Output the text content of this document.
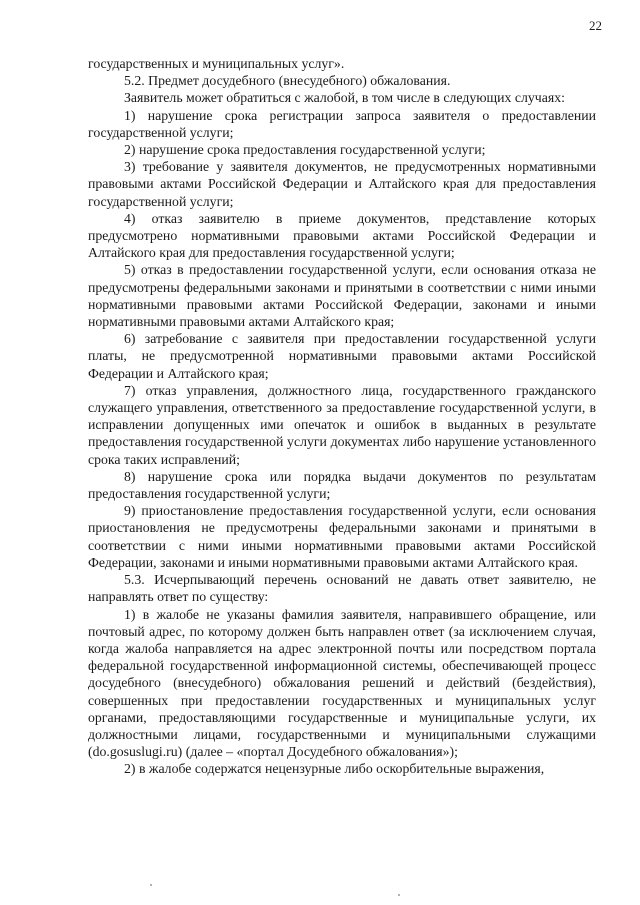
22

государственных и муниципальных услуг».

5.2. Предмет досудебного (внесудебного) обжалования.

Заявитель может обратиться с жалобой, в том числе в следующих случаях:

1) нарушение срока регистрации запроса заявителя о предоставлении государственной услуги;

2) нарушение срока предоставления государственной услуги;

3) требование у заявителя документов, не предусмотренных нормативными правовыми актами Российской Федерации и Алтайского края для предоставления государственной услуги;

4) отказ заявителю в приеме документов, представление которых предусмотрено нормативными правовыми актами Российской Федерации и Алтайского края для предоставления государственной услуги;

5) отказ в предоставлении государственной услуги, если основания отказа не предусмотрены федеральными законами и принятыми в соответствии с ними иными нормативными правовыми актами Российской Федерации, законами и иными нормативными правовыми актами Алтайского края;

6) затребование с заявителя при предоставлении государственной услуги платы, не предусмотренной нормативными правовыми актами Российской Федерации и Алтайского края;

7) отказ управления, должностного лица, государственного гражданского служащего управления, ответственного за предоставление государственной услуги, в исправлении допущенных ими опечаток и ошибок в выданных в результате предоставления государственной услуги документах либо нарушение установленного срока таких исправлений;

8) нарушение срока или порядка выдачи документов по результатам предоставления государственной услуги;

9) приостановление предоставления государственной услуги, если основания приостановления не предусмотрены федеральными законами и принятыми в соответствии с ними иными нормативными правовыми актами Российской Федерации, законами и иными нормативными правовыми актами Алтайского края.

5.3. Исчерпывающий перечень оснований не давать ответ заявителю, не направлять ответ по существу:

1) в жалобе не указаны фамилия заявителя, направившего обращение, или почтовый адрес, по которому должен быть направлен ответ (за исключением случая, когда жалоба направляется на адрес электронной почты или посредством портала федеральной государственной информационной системы, обеспечивающей процесс досудебного (внесудебного) обжалования решений и действий (бездействия), совершенных при предоставлении государственных и муниципальных услуг органами, предоставляющими государственные и муниципальные услуги, их должностными лицами, государственными и муниципальными служащими (do.gosuslugi.ru) (далее – «портал Досудебного обжалования»);

2) в жалобе содержатся нецензурные либо оскорбительные выражения,
